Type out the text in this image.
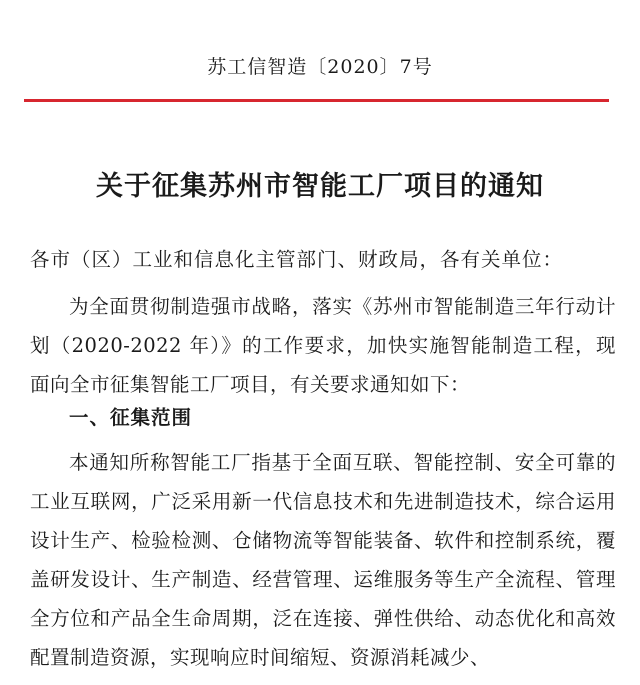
苏工信智造〔2020〕7号
关于征集苏州市智能工厂项目的通知
各市（区）工业和信息化主管部门、财政局，各有关单位：
为全面贯彻制造强市战略，落实《苏州市智能制造三年行动计划（2020-2022 年）》的工作要求，加快实施智能制造工程，现面向全市征集智能工厂项目，有关要求通知如下：
一、征集范围
本通知所称智能工厂指基于全面互联、智能控制、安全可靠的工业互联网，广泛采用新一代信息技术和先进制造技术，综合运用设计生产、检验检测、仓储物流等智能装备、软件和控制系统，覆盖研发设计、生产制造、经营管理、运维服务等生产全流程、管理全方位和产品全生命周期，泛在连接、弹性供给、动态优化和高效配置制造资源，实现响应时间缩短、资源消耗减少、
